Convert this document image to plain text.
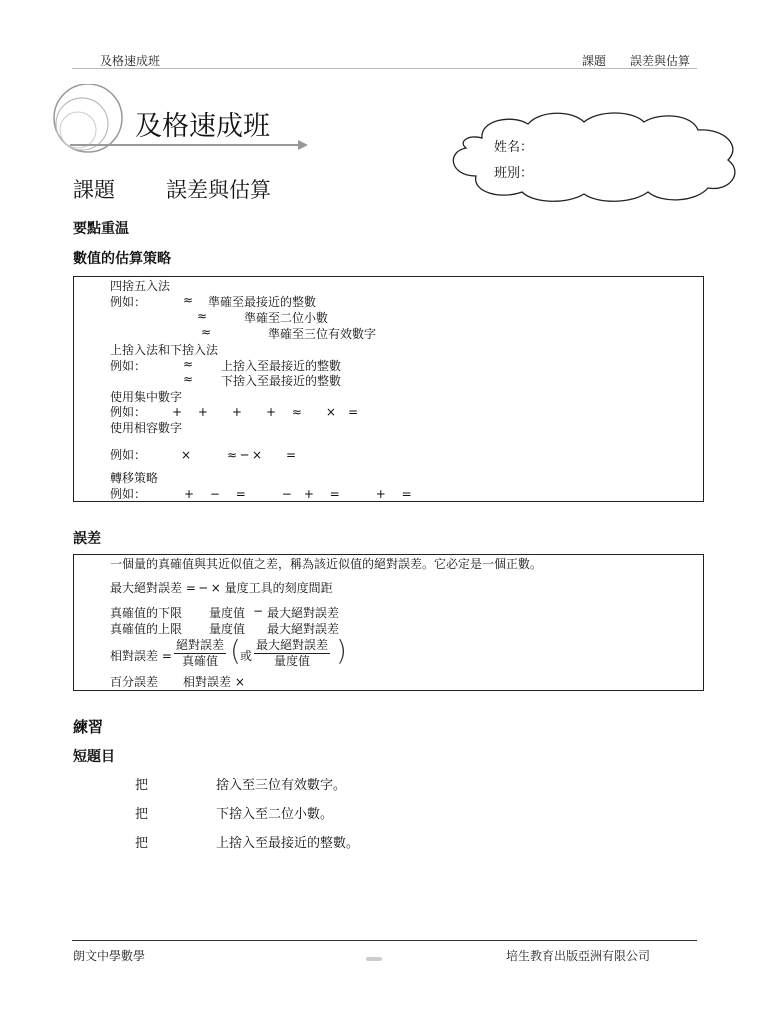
及格速成班	課題 誤差與估算
及格速成班
姓名：
班別：
課題 誤差與估算
要點重温
數值的估算策略
四捨五入法
例如：	≈ 準確至最接近的整數
≈	準確至二位小數
≈	準確至三位有效數字
上捨入法和下捨入法
例如：	≈ 上捨入至最接近的整數
≈ 下捨入至最接近的整數
使用集中數字
例如： +　 +　　+　　+　 ≈　　×　=
使用相容數字
例如：	×　　　≈ ─ ×　　=
轉移策略
例如：	+　 −　 =　　　−　+　 =　　　+　 =
誤差
一個量的真確值與其近似值之差，稱為該近似值的絕對誤差。它必定是一個正數。
最大絕對誤差 = ─ × 量度工具的刻度間距
真確值的下限 量度值 − 最大絕對誤差
真確值的上限 量度值 最大絕對誤差
相對誤差 = $\frac{\text{絕對誤差}}{\text{真確值}}$ ( 或 $\frac{\text{最大絕對誤差}}{\text{量度值}}$ )
百分誤差 相對誤差 ×
練習
短題目
把	捨入至三位有效數字。
把	下捨入至二位小數。
把	上捨入至最接近的整數。
朗文中學數學	培生教育出版亞洲有限公司
